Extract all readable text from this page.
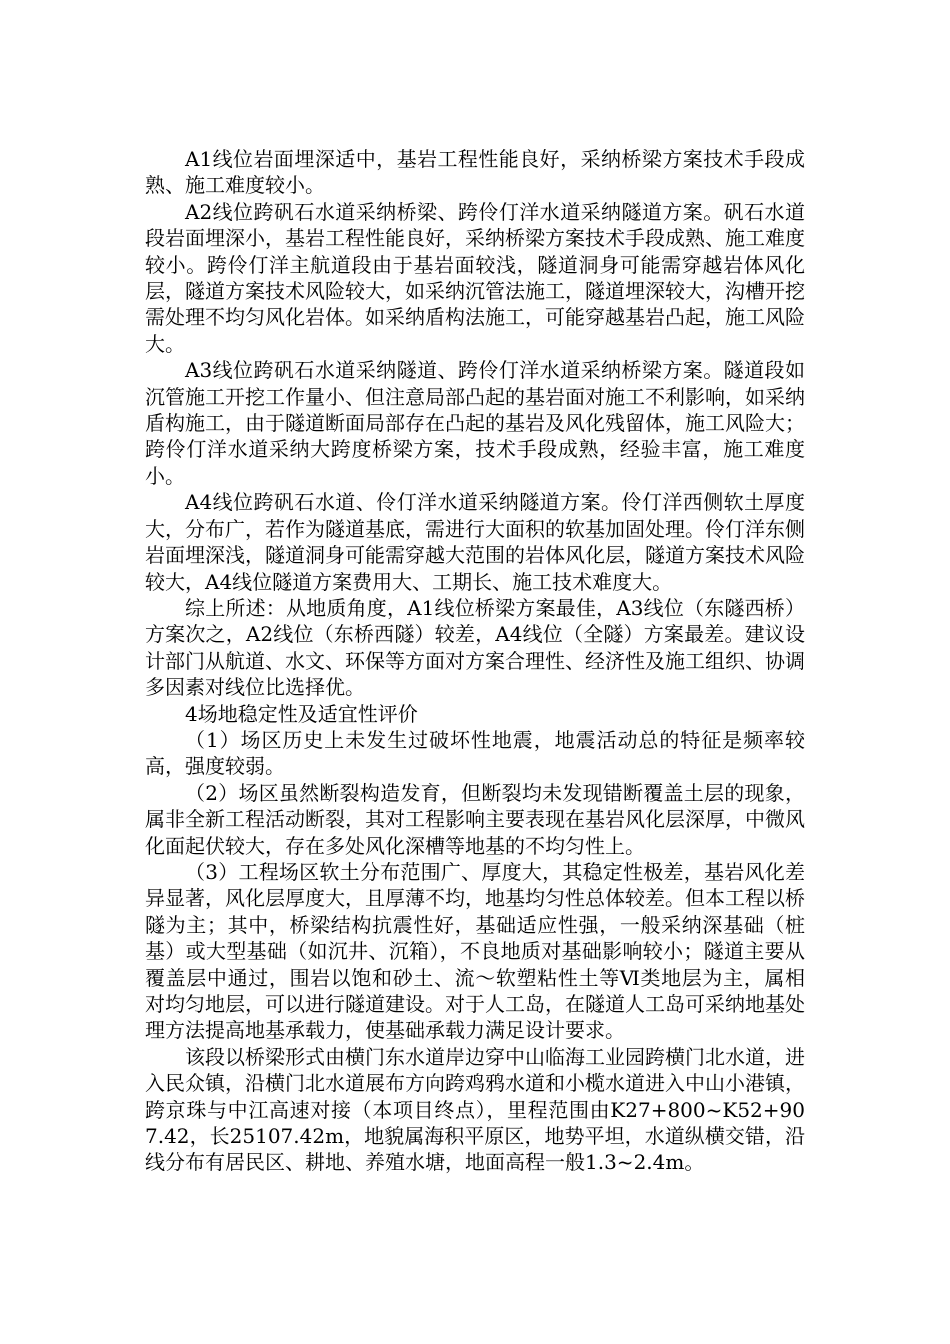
A1线位岩面埋深适中，基岩工程性能良好，采纳桥梁方案技术手段成熟、施工难度较小。

A2线位跨矾石水道采纳桥梁、跨伶仃洋水道采纳隧道方案。矾石水道段岩面埋深小，基岩工程性能良好，采纳桥梁方案技术手段成熟、施工难度较小。跨伶仃洋主航道段由于基岩面较浅，隧道洞身可能需穿越岩体风化层，隧道方案技术风险较大，如采纳沉管法施工，隧道埋深较大，沟槽开挖需处理不均匀风化岩体。如采纳盾构法施工，可能穿越基岩凸起，施工风险大。

A3线位跨矾石水道采纳隧道、跨伶仃洋水道采纳桥梁方案。隧道段如沉管施工开挖工作量小、但注意局部凸起的基岩面对施工不利影响，如采纳盾构施工，由于隧道断面局部存在凸起的基岩及风化残留体，施工风险大；跨伶仃洋水道采纳大跨度桥梁方案，技术手段成熟，经验丰富，施工难度小。

A4线位跨矾石水道、伶仃洋水道采纳隧道方案。伶仃洋西侧软土厚度大，分布广，若作为隧道基底，需进行大面积的软基加固处理。伶仃洋东侧岩面埋深浅，隧道洞身可能需穿越大范围的岩体风化层，隧道方案技术风险较大，A4线位隧道方案费用大、工期长、施工技术难度大。

综上所述：从地质角度，A1线位桥梁方案最佳，A3线位（东隧西桥）方案次之，A2线位（东桥西隧）较差，A4线位（全隧）方案最差。建议设计部门从航道、水文、环保等方面对方案合理性、经济性及施工组织、协调多因素对线位比选择优。

4场地稳定性及适宜性评价

（1）场区历史上未发生过破坏性地震，地震活动总的特征是频率较高，强度较弱。

（2）场区虽然断裂构造发育，但断裂均未发现错断覆盖土层的现象，属非全新工程活动断裂，其对工程影响主要表现在基岩风化层深厚，中微风化面起伏较大，存在多处风化深槽等地基的不均匀性上。

（3）工程场区软土分布范围广、厚度大，其稳定性极差，基岩风化差异显著，风化层厚度大，且厚薄不均，地基均匀性总体较差。但本工程以桥隧为主；其中，桥梁结构抗震性好，基础适应性强，一般采纳深基础（桩基）或大型基础（如沉井、沉箱），不良地质对基础影响较小；隧道主要从覆盖层中通过，围岩以饱和砂土、流～软塑粘性土等Ⅵ类地层为主，属相对均匀地层，可以进行隧道建设。对于人工岛，在隧道人工岛可采纳地基处理方法提高地基承载力，使基础承载力满足设计要求。

该段以桥梁形式由横门东水道岸边穿中山临海工业园跨横门北水道，进入民众镇，沿横门北水道展布方向跨鸡鸦水道和小榄水道进入中山小港镇，跨京珠与中江高速对接（本项目终点），里程范围由K27+800~K52+907.42，长25107.42m，地貌属海积平原区，地势平坦，水道纵横交错，沿线分布有居民区、耕地、养殖水塘，地面高程一般1.3~2.4m。
